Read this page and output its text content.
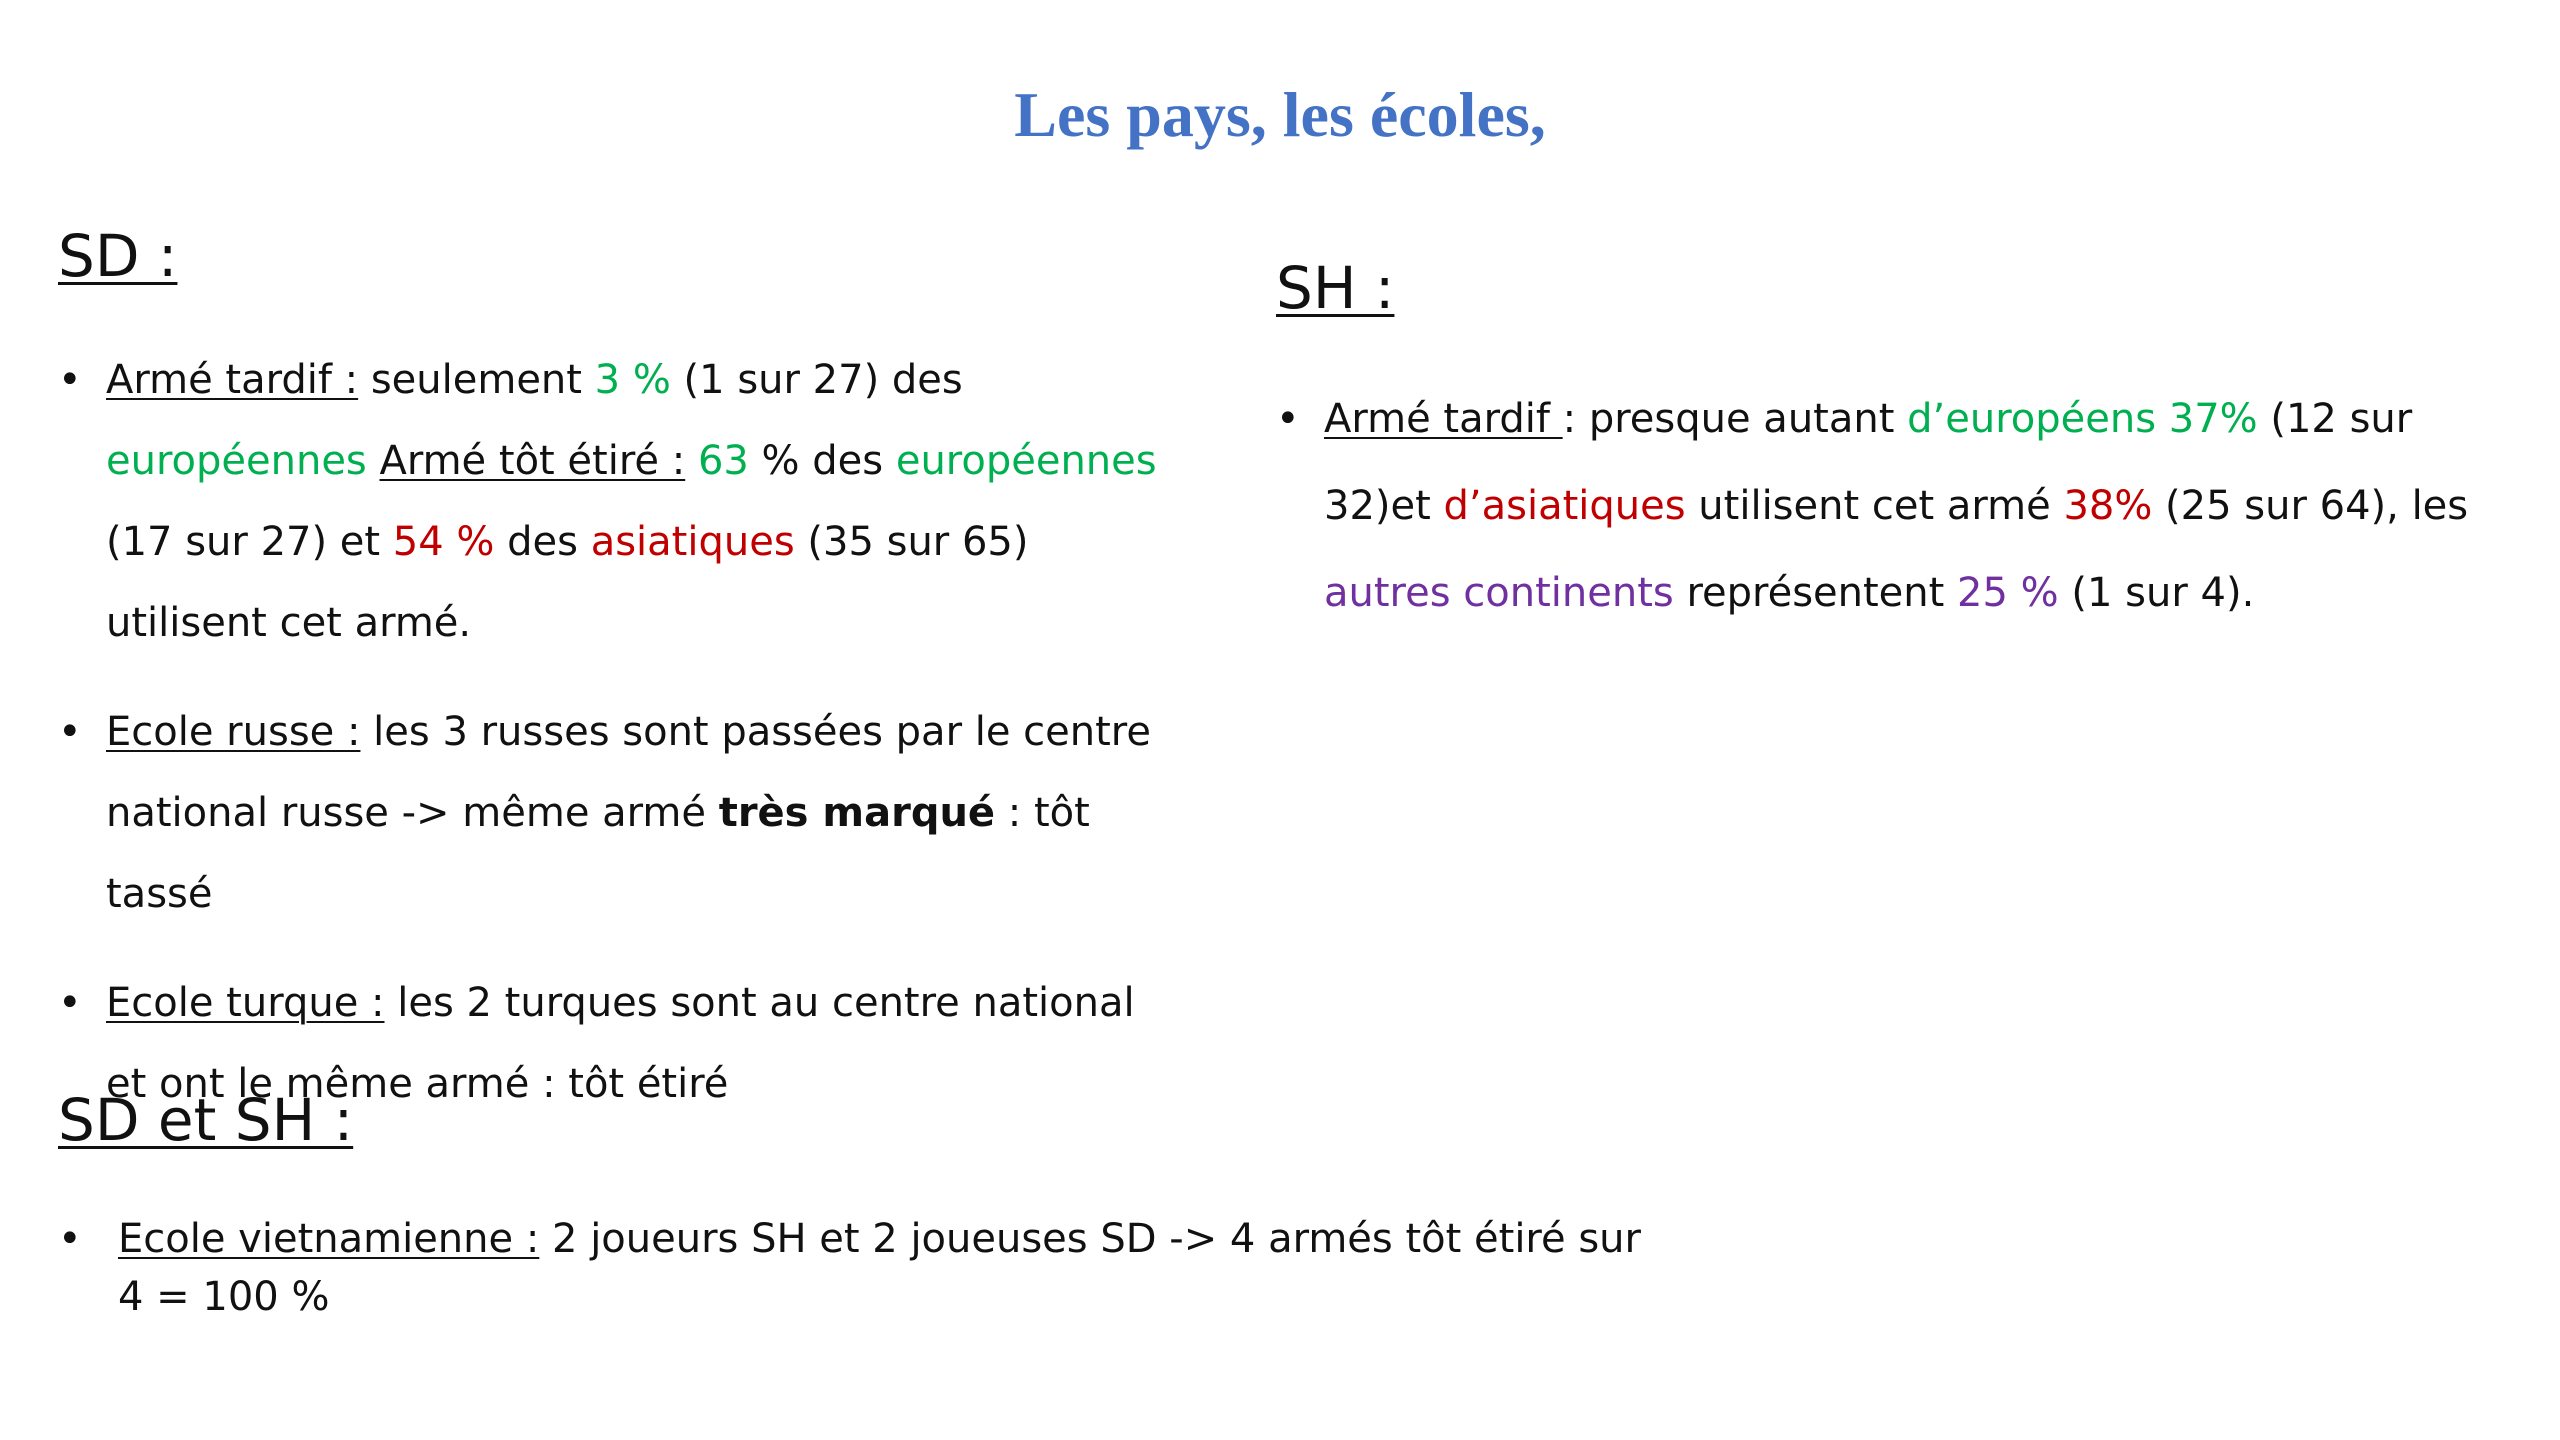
Les pays, les écoles,
SD :
• Armé tardif : seulement 3 % (1 sur 27) des européennes Armé tôt étiré : 63 % des européennes (17 sur 27) et 54 % des asiatiques (35 sur 65) utilisent cet armé.
• Ecole russe : les 3 russes sont passées par le centre national russe -> même armé très marqué : tôt tassé
• Ecole turque : les 2 turques sont au centre national et ont le même armé : tôt étiré
SH :
• Armé tardif : presque autant d’européens 37% (12 sur 32)et d’asiatiques utilisent cet armé 38% (25 sur 64), les autres continents représentent 25 % (1 sur 4).
SD et SH :
• Ecole vietnamienne : 2 joueurs SH et 2 joueuses SD -> 4 armés tôt étiré sur 4 = 100 %
